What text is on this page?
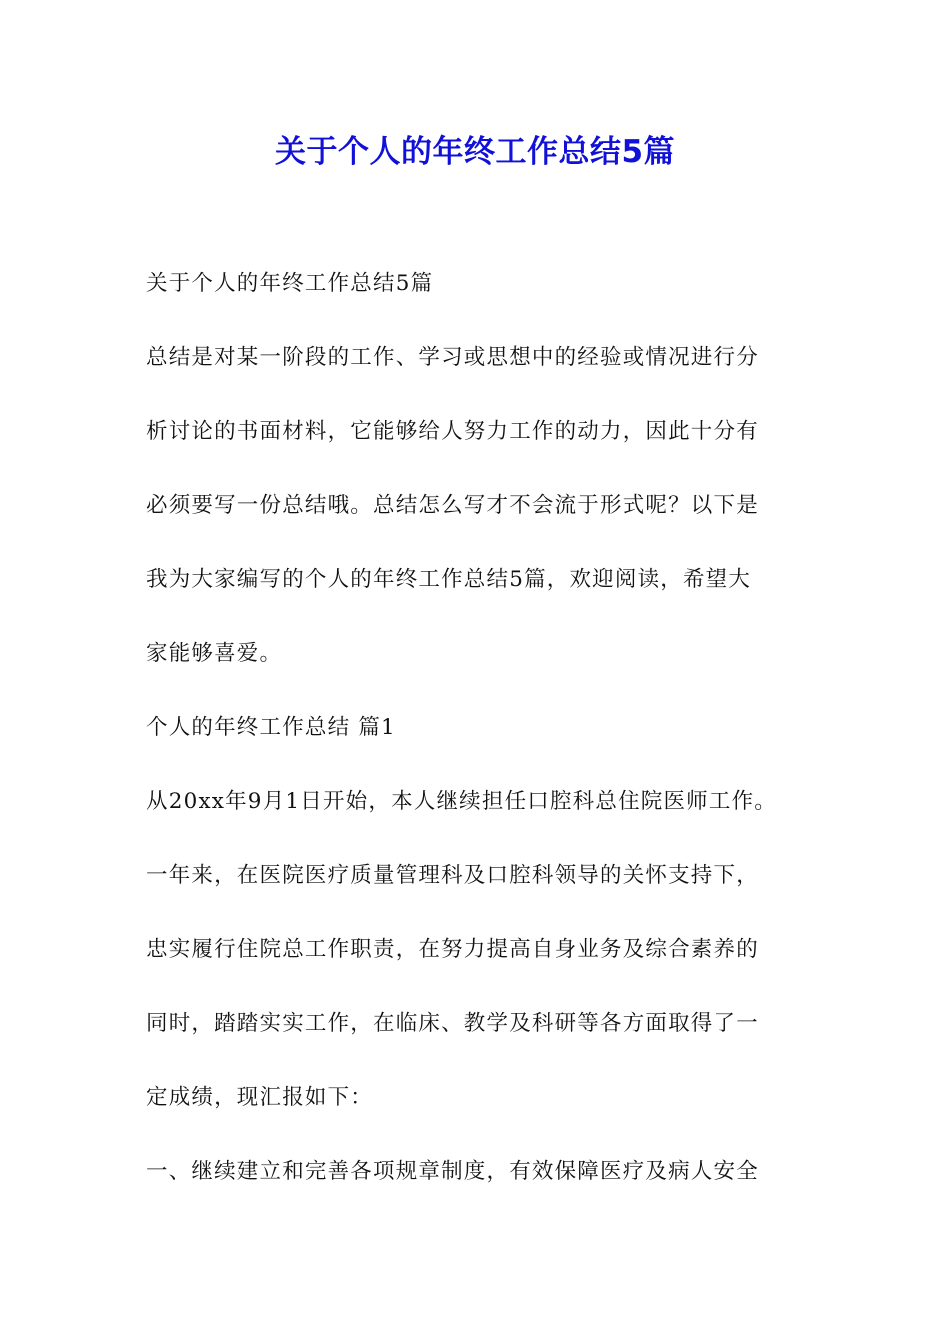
关于个人的年终工作总结5篇
关于个人的年终工作总结5篇
总结是对某一阶段的工作、学习或思想中的经验或情况进行分
析讨论的书面材料，它能够给人努力工作的动力，因此十分有
必须要写一份总结哦。总结怎么写才不会流于形式呢？以下是
我为大家编写的个人的年终工作总结5篇，欢迎阅读，希望大
家能够喜爱。
个人的年终工作总结 篇1
从20xx年9月1日开始，本人继续担任口腔科总住院医师工作。
一年来，在医院医疗质量管理科及口腔科领导的关怀支持下，
忠实履行住院总工作职责，在努力提高自身业务及综合素养的
同时，踏踏实实工作，在临床、教学及科研等各方面取得了一
定成绩，现汇报如下：
一、继续建立和完善各项规章制度，有效保障医疗及病人安全
